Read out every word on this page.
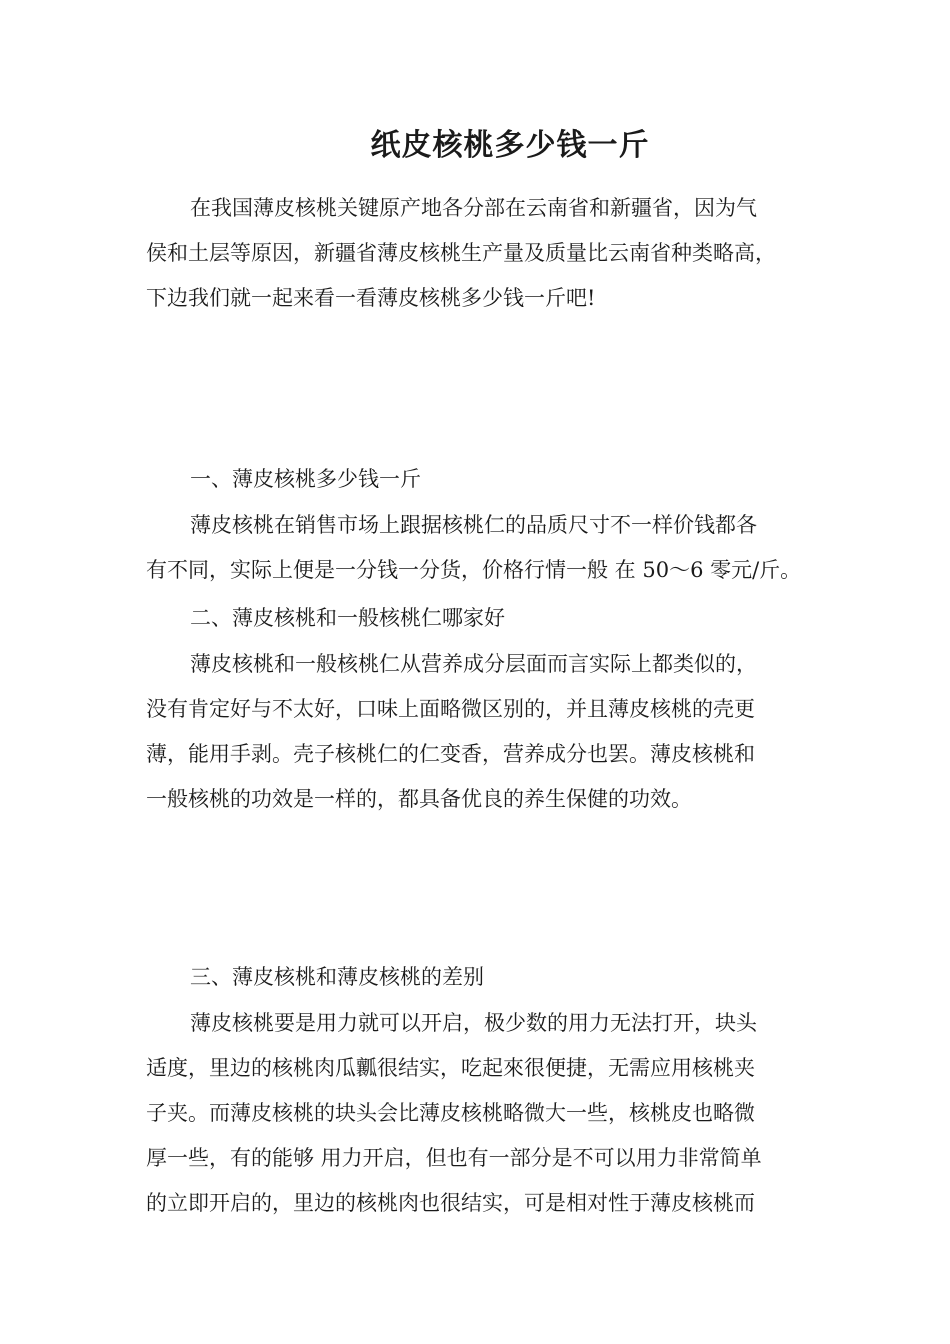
纸皮核桃多少钱一斤
在我国薄皮核桃关键原产地各分部在云南省和新疆省，因为气
侯和土层等原因，新疆省薄皮核桃生产量及质量比云南省种类略高，
下边我们就一起来看一看薄皮核桃多少钱一斤吧!
一、薄皮核桃多少钱一斤
薄皮核桃在销售市场上跟据核桃仁的品质尺寸不一样价钱都各
有不同，实际上便是一分钱一分货，价格行情一般 在 50～6 零元/斤。
二、薄皮核桃和一般核桃仁哪家好
薄皮核桃和一般核桃仁从营养成分层面而言实际上都类似的，
没有肯定好与不太好，口味上面略微区别的，并且薄皮核桃的壳更
薄，能用手剥。壳子核桃仁的仁变香，营养成分也罢。薄皮核桃和
一般核桃的功效是一样的，都具备优良的养生保健的功效。
三、薄皮核桃和薄皮核桃的差别
薄皮核桃要是用力就可以开启，极少数的用力无法打开，块头
适度，里边的核桃肉瓜瓤很结实，吃起來很便捷，无需应用核桃夹
子夹。而薄皮核桃的块头会比薄皮核桃略微大一些，核桃皮也略微
厚一些，有的能够 用力开启，但也有一部分是不可以用力非常简单
的立即开启的，里边的核桃肉也很结实，可是相对性于薄皮核桃而
